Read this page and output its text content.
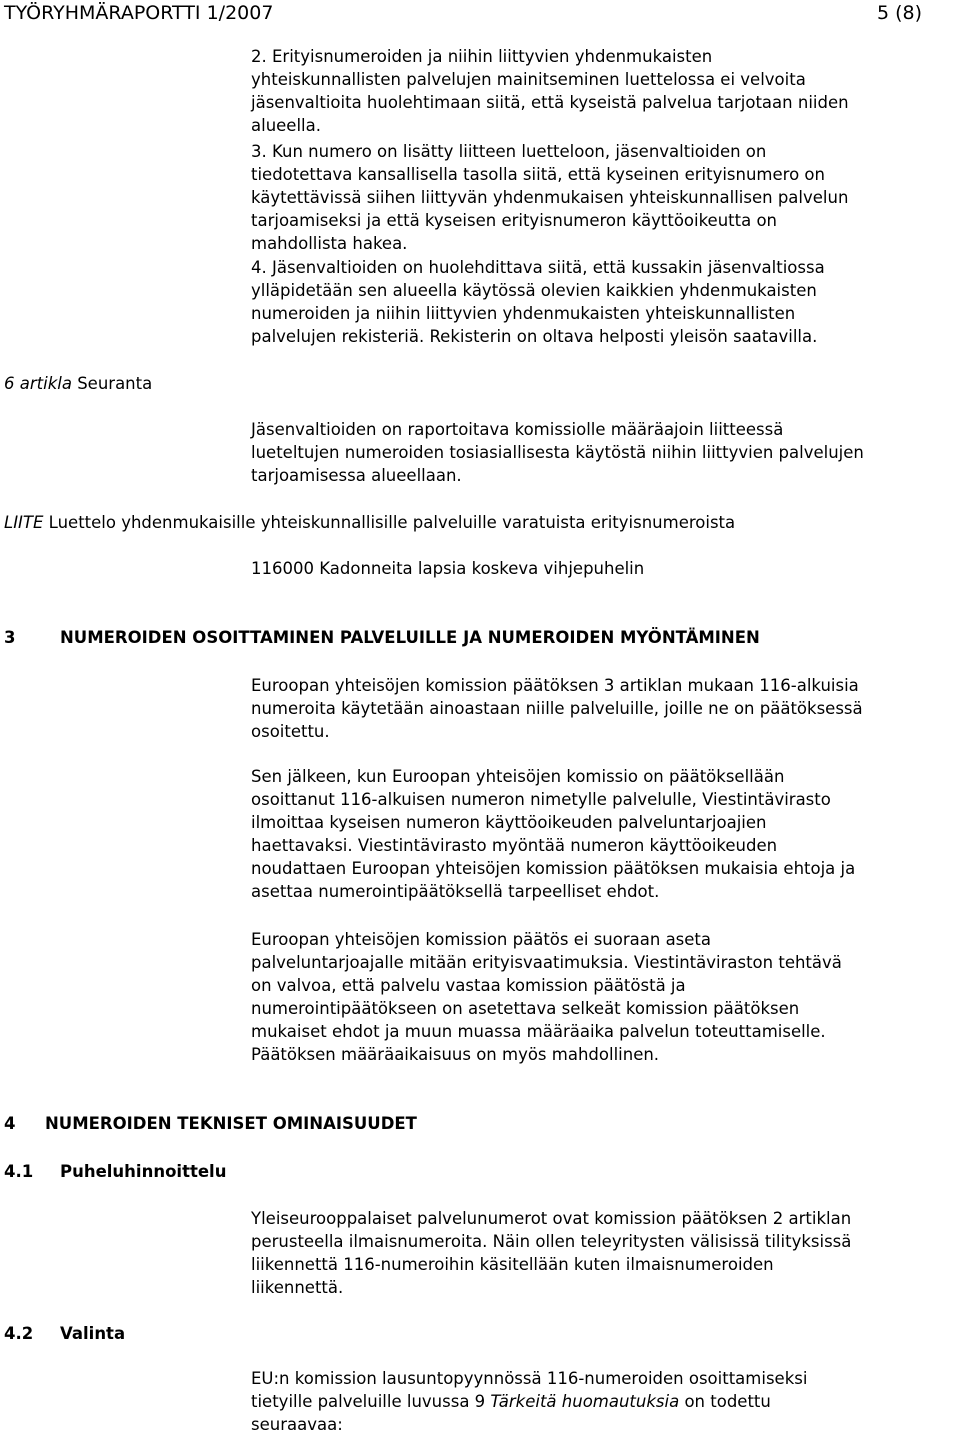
TYÖRYHMÄRAPORTTI 1/2007	5 (8)
2. Erityisnumeroiden ja niihin liittyvien yhdenmukaisten
yhteiskunnallisten palvelujen mainitseminen luettelossa ei velvoita
jäsenvaltioita huolehtimaan siitä, että kyseistä palvelua tarjotaan niiden
alueella.
3. Kun numero on lisätty liitteen luetteloon, jäsenvaltioiden on
tiedotettava kansallisella tasolla siitä, että kyseinen erityisnumero on
käytettävissä siihen liittyvän yhdenmukaisen yhteiskunnallisen palvelun
tarjoamiseksi ja että kyseisen erityisnumeron käyttöoikeutta on
mahdollista hakea.
4. Jäsenvaltioiden on huolehdittava siitä, että kussakin jäsenvaltiossa
ylläpidetään sen alueella käytössä olevien kaikkien yhdenmukaisten
numeroiden ja niihin liittyvien yhdenmukaisten yhteiskunnallisten
palvelujen rekisteriä. Rekisterin on oltava helposti yleisön saatavilla.
6 artikla Seuranta
Jäsenvaltioiden on raportoitava komissiolle määräajoin liitteessä
lueteltujen numeroiden tosiasiallisesta käytöstä niihin liittyvien palvelujen
tarjoamisessa alueellaan.
LIITE Luettelo yhdenmukaisille yhteiskunnallisille palveluille varatuista erityisnumeroista
116000 Kadonneita lapsia koskeva vihjepuhelin
3	NUMEROIDEN OSOITTAMINEN PALVELUILLE JA NUMEROIDEN MYÖNTÄMINEN
Euroopan yhteisöjen komission päätöksen 3 artiklan mukaan 116-alkuisia
numeroita käytetään ainoastaan niille palveluille, joille ne on päätöksessä
osoitettu.
Sen jälkeen, kun Euroopan yhteisöjen komissio on päätöksellään
osoittanut 116-alkuisen numeron nimetylle palvelulle, Viestintävirasto
ilmoittaa kyseisen numeron käyttöoikeuden palveluntarjoajien
haettavaksi. Viestintävirasto myöntää numeron käyttöoikeuden
noudattaen Euroopan yhteisöjen komission päätöksen mukaisia ehtoja ja
asettaa numerointipäätöksellä tarpeelliset ehdot.
Euroopan yhteisöjen komission päätös ei suoraan aseta
palveluntarjoajalle mitään erityisvaatimuksia. Viestintäviraston tehtävä
on valvoa, että palvelu vastaa komission päätöstä ja
numerointipäätökseen on asetettava selkeät komission päätöksen
mukaiset ehdot ja muun muassa määräaika palvelun toteuttamiselle.
Päätöksen määräaikaisuus on myös mahdollinen.
4 NUMEROIDEN TEKNISET OMINAISUUDET
4.1 Puheluhinnoittelu
Yleiseurooppalaiset palvelunumerot ovat komission päätöksen 2 artiklan
perusteella ilmaisnumeroita. Näin ollen teleyritysten välisissä tilityksissä
liikennettä 116-numeroihin käsitellään kuten ilmaisnumeroiden
liikennettä.
4.2 Valinta
EU:n komission lausuntopyynnössä 116-numeroiden osoittamiseksi
tietyille palveluille luvussa 9 Tärkeitä huomautuksia on todettu
seuraavaa:
